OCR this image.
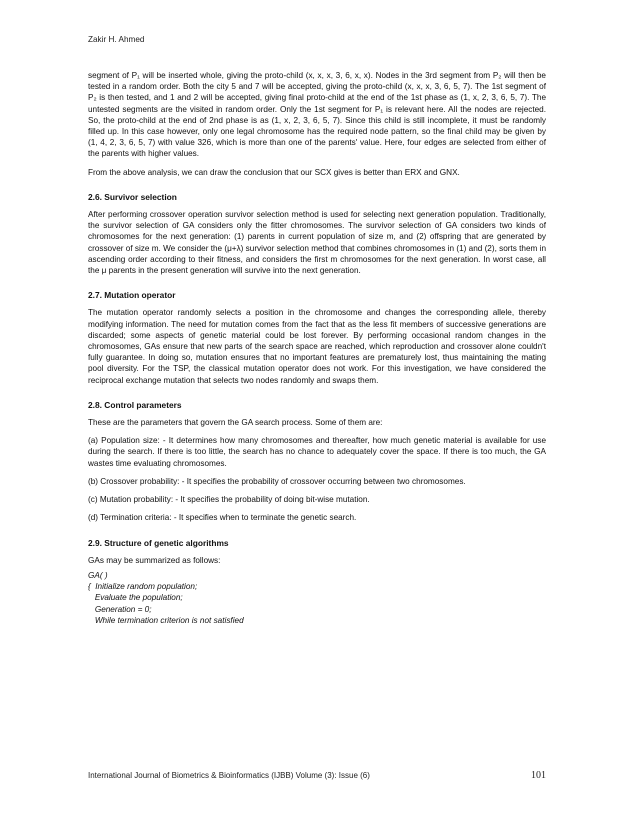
Zakir H. Ahmed

segment of P₁ will be inserted whole, giving the proto-child (x, x, x, 3, 6, x, x). Nodes in the 3rd segment from P₂ will then be tested in a random order. Both the city 5 and 7 will be accepted, giving the proto-child (x, x, x, 3, 6, 5, 7). The 1st segment of P₂ is then tested, and 1 and 2 will be accepted, giving final proto-child at the end of the 1st phase as (1, x, 2, 3, 6, 5, 7). The untested segments are the visited in random order. Only the 1st segment for P₁ is relevant here. All the nodes are rejected. So, the proto-child at the end of 2nd phase is as (1, x, 2, 3, 6, 5, 7). Since this child is still incomplete, it must be randomly filled up. In this case however, only one legal chromosome has the required node pattern, so the final child may be given by (1, 4, 2, 3, 6, 5, 7) with value 326, which is more than one of the parents' value. Here, four edges are selected from either of the parents with higher values.

From the above analysis, we can draw the conclusion that our SCX gives is better than ERX and GNX.

2.6. Survivor selection

After performing crossover operation survivor selection method is used for selecting next generation population. Traditionally, the survivor selection of GA considers only the fitter chromosomes. The survivor selection of GA considers two kinds of chromosomes for the next generation: (1) parents in current population of size m, and (2) offspring that are generated by crossover of size m. We consider the (μ+λ) survivor selection method that combines chromosomes in (1) and (2), sorts them in ascending order according to their fitness, and considers the first m chromosomes for the next generation. In worst case, all the μ parents in the present generation will survive into the next generation.

2.7. Mutation operator

The mutation operator randomly selects a position in the chromosome and changes the corresponding allele, thereby modifying information. The need for mutation comes from the fact that as the less fit members of successive generations are discarded; some aspects of genetic material could be lost forever. By performing occasional random changes in the chromosomes, GAs ensure that new parts of the search space are reached, which reproduction and crossover alone couldn't fully guarantee. In doing so, mutation ensures that no important features are prematurely lost, thus maintaining the mating pool diversity. For the TSP, the classical mutation operator does not work. For this investigation, we have considered the reciprocal exchange mutation that selects two nodes randomly and swaps them.

2.8. Control parameters

These are the parameters that govern the GA search process. Some of them are:

(a) Population size: - It determines how many chromosomes and thereafter, how much genetic material is available for use during the search. If there is too little, the search has no chance to adequately cover the space. If there is too much, the GA wastes time evaluating chromosomes.

(b) Crossover probability: - It specifies the probability of crossover occurring between two chromosomes.

(c) Mutation probability: - It specifies the probability of doing bit-wise mutation.

(d) Termination criteria: - It specifies when to terminate the genetic search.

2.9. Structure of genetic algorithms

GAs may be summarized as follows:

GA( )
{  Initialize random population;
Evaluate the population;
Generation = 0;
While termination criterion is not satisfied
International Journal of Biometrics & Bioinformatics (IJBB) Volume (3): Issue (6)	101
